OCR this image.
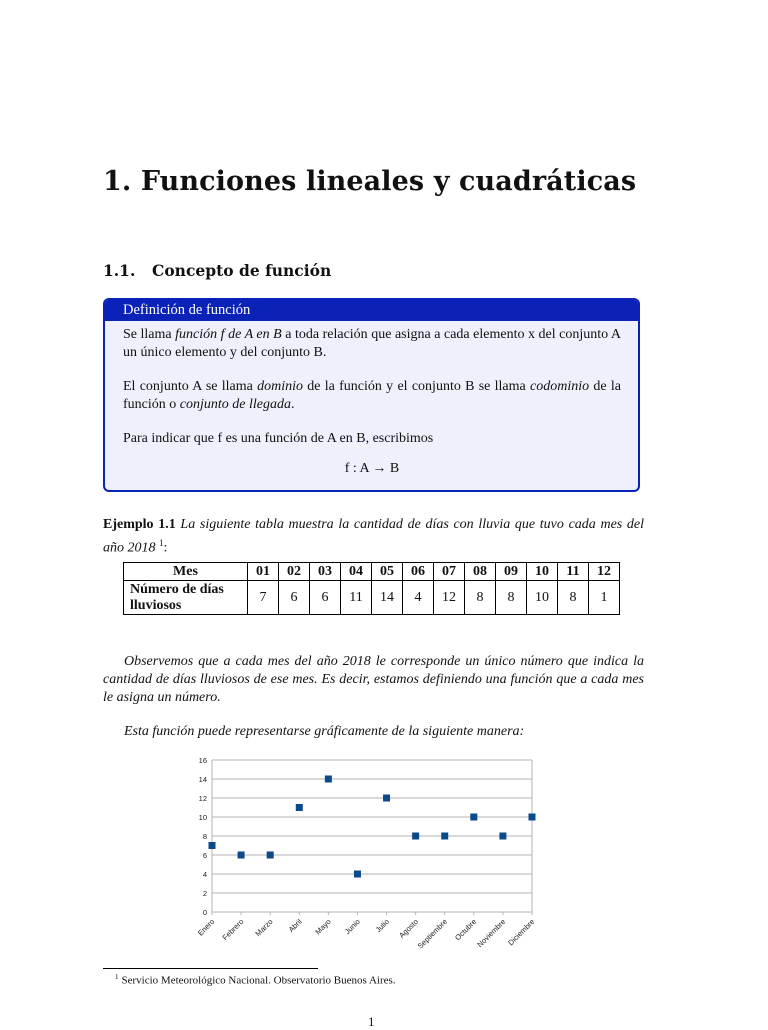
1. Funciones lineales y cuadráticas
1.1. Concepto de función
Definición de función

Se llama función f de A en B a toda relación que asigna a cada elemento x del conjunto A un único elemento y del conjunto B.

El conjunto A se llama dominio de la función y el conjunto B se llama codominio de la función o conjunto de llegada.

Para indicar que f es una función de A en B, escribimos

f : A → B

Ejemplo 1.1 La siguiente tabla muestra la cantidad de días con lluvia que tuvo cada mes del año 2018 $^1$:
Mes	01	02	03	04	05	06	07	08	09	10	11	12
Número de días lluviosos	7	6	6	11	14	4	12	8	8	10	8	1
Observemos que a cada mes del año 2018 le corresponde un único número que indica la cantidad de días lluviosos de ese mes. Es decir, estamos definiendo una función que a cada mes le asigna un número.
Esta función puede representarse gráficamente de la siguiente manera:
0
2
4
6
8
10
12
14
16
Enero Febrero Marzo Abril Mayo Junio Julio Agosto
Septiembre Octubre
Noviembre
Diciembre
$^1$ Servicio Meteorológico Nacional. Observatorio Buenos Aires.
1
